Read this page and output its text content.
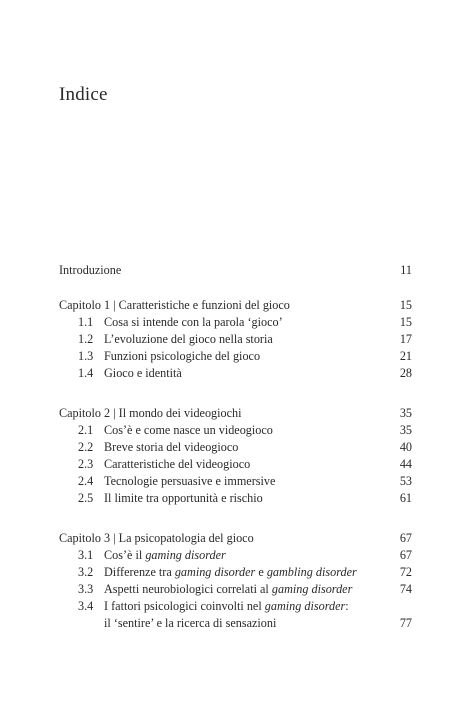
Indice
Introduzione	11
Capitolo 1 | Caratteristiche e funzioni del gioco	15
1.1 Cosa si intende con la parola ‘gioco’	15
1.2 L’evoluzione del gioco nella storia	17
1.3 Funzioni psicologiche del gioco	21
1.4 Gioco e identità	28
Capitolo 2 | Il mondo dei videogiochi	35
2.1 Cos’è e come nasce un videogioco	35
2.2 Breve storia del videogioco	40
2.3 Caratteristiche del videogioco	44
2.4 Tecnologie persuasive e immersive	53
2.5 Il limite tra opportunità e rischio	61
Capitolo 3 | La psicopatologia del gioco	67
3.1 Cos’è il gaming disorder	67
3.2 Differenze tra gaming disorder e gambling disorder	72
3.3 Aspetti neurobiologici correlati al gaming disorder	74
3.4 I fattori psicologici coinvolti nel gaming disorder:
il ‘sentire’ e la ricerca di sensazioni	77
